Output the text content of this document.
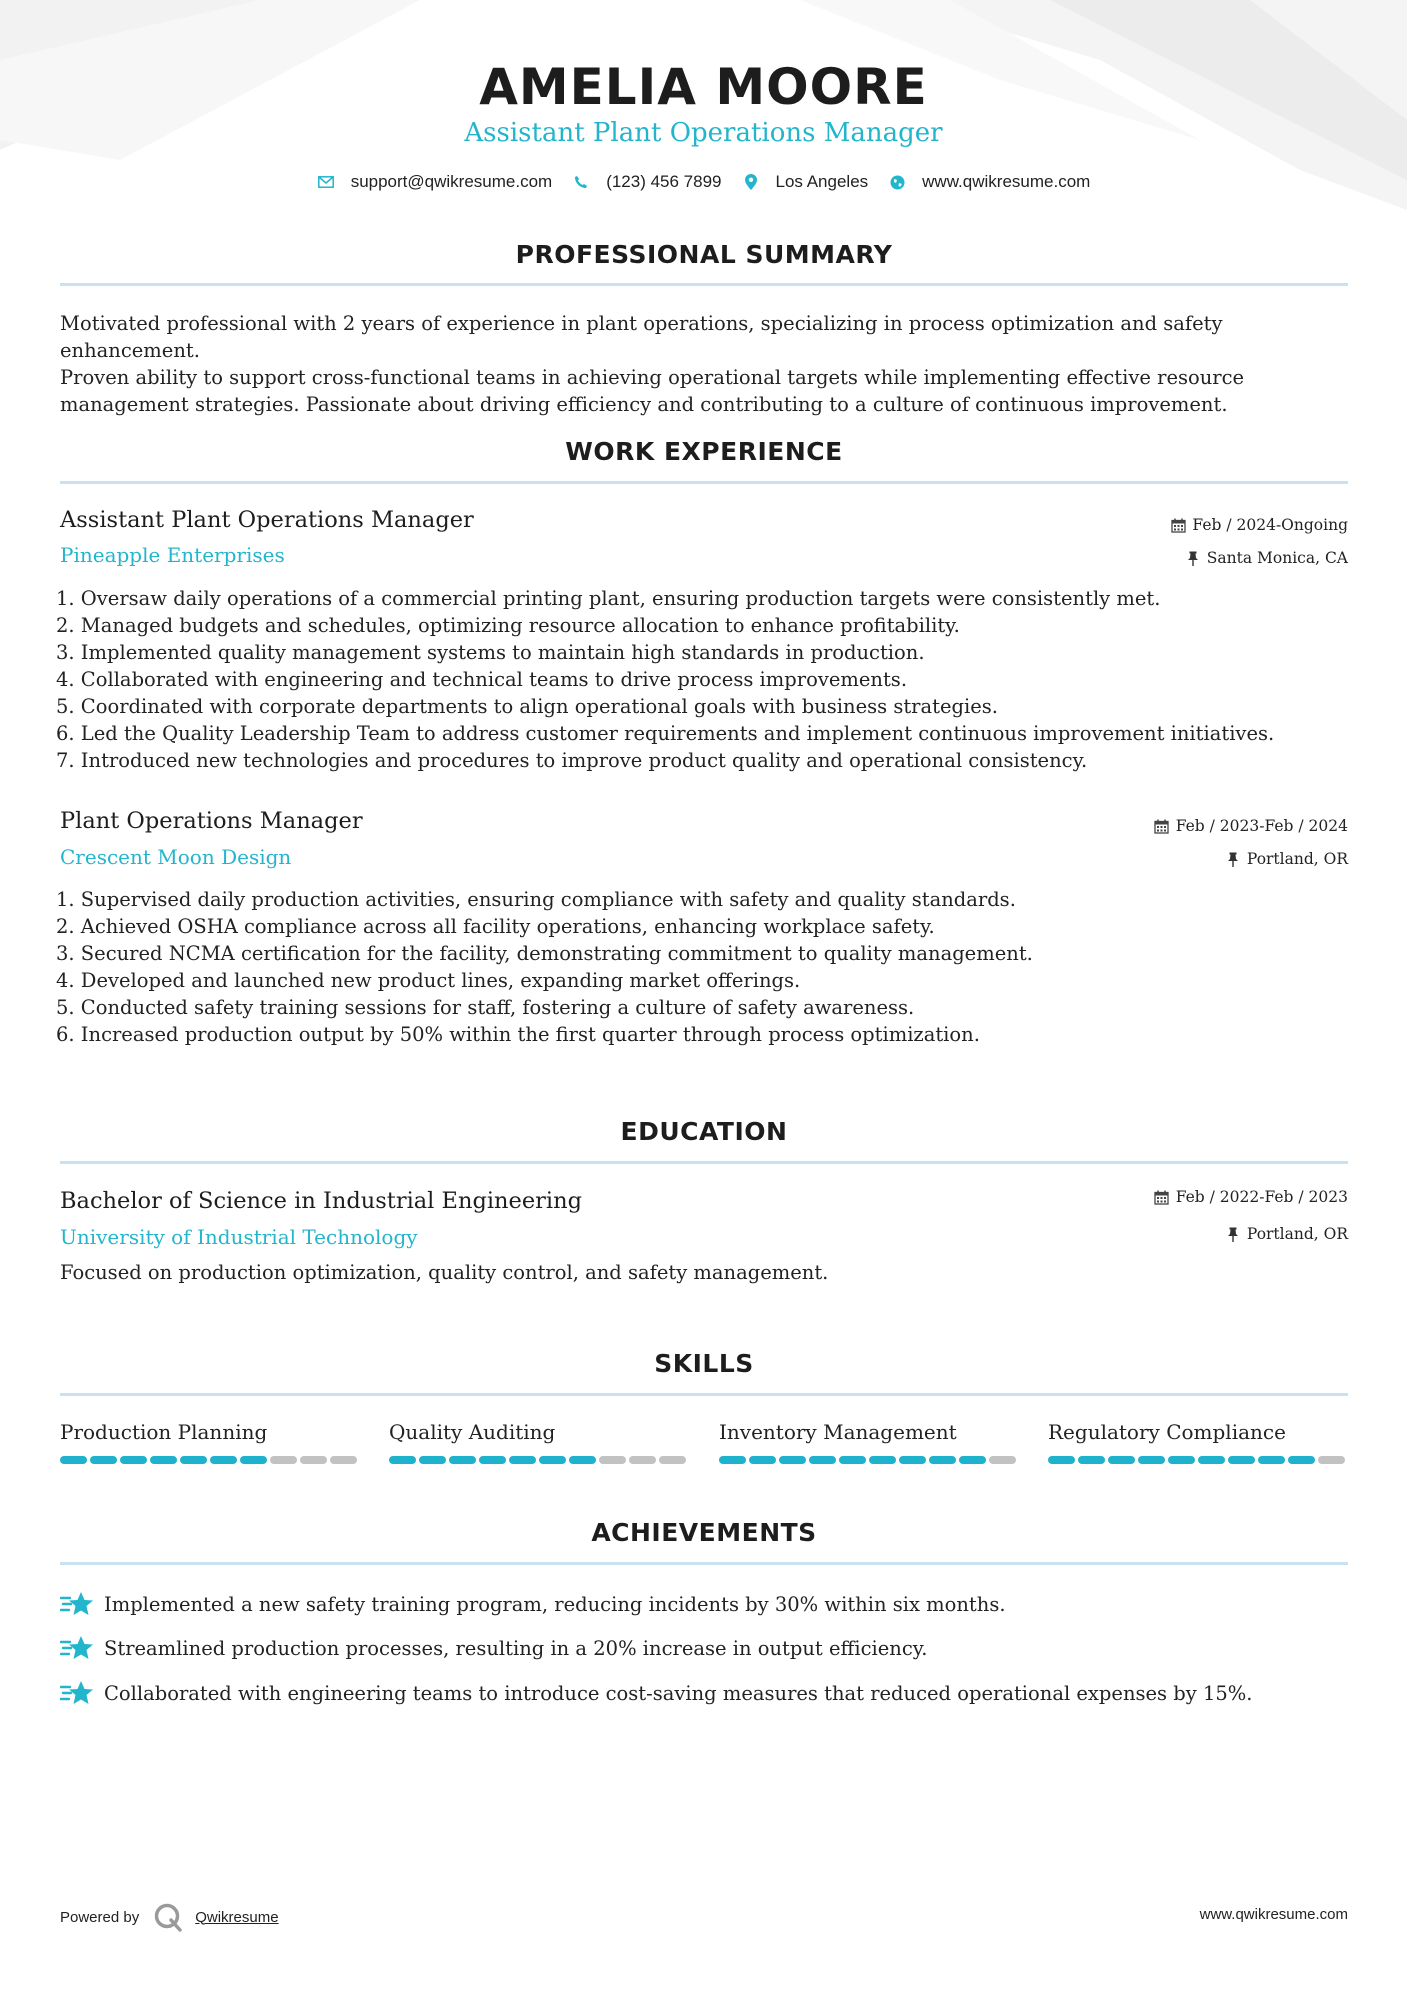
AMELIA MOORE
Assistant Plant Operations Manager
support@qwikresume.com	(123) 456 7899	Los Angeles	www.qwikresume.com
PROFESSIONAL SUMMARY
Motivated professional with 2 years of experience in plant operations, specializing in process optimization and safety enhancement.
Proven ability to support cross-functional teams in achieving operational targets while implementing effective resource
management strategies. Passionate about driving efficiency and contributing to a culture of continuous improvement.
WORK EXPERIENCE
Assistant Plant Operations Manager
Pineapple Enterprises
Feb / 2024-Ongoing
Santa Monica, CA
1. Oversaw daily operations of a commercial printing plant, ensuring production targets were consistently met.
2. Managed budgets and schedules, optimizing resource allocation to enhance profitability.
3. Implemented quality management systems to maintain high standards in production.
4. Collaborated with engineering and technical teams to drive process improvements.
5. Coordinated with corporate departments to align operational goals with business strategies.
6. Led the Quality Leadership Team to address customer requirements and implement continuous improvement initiatives.
7. Introduced new technologies and procedures to improve product quality and operational consistency.
Plant Operations Manager
Crescent Moon Design
Feb / 2023-Feb / 2024
Portland, OR
1. Supervised daily production activities, ensuring compliance with safety and quality standards.
2. Achieved OSHA compliance across all facility operations, enhancing workplace safety.
3. Secured NCMA certification for the facility, demonstrating commitment to quality management.
4. Developed and launched new product lines, expanding market offerings.
5. Conducted safety training sessions for staff, fostering a culture of safety awareness.
6. Increased production output by 50% within the first quarter through process optimization.
EDUCATION
Bachelor of Science in Industrial Engineering
University of Industrial Technology
Feb / 2022-Feb / 2023
Portland, OR
Focused on production optimization, quality control, and safety management.
SKILLS
Production Planning	Quality Auditing	Inventory Management	Regulatory Compliance
ACHIEVEMENTS
Implemented a new safety training program, reducing incidents by 30% within six months.
Streamlined production processes, resulting in a 20% increase in output efficiency.
Collaborated with engineering teams to introduce cost-saving measures that reduced operational expenses by 15%.
Powered by	Qwikresume	www.qwikresume.com
